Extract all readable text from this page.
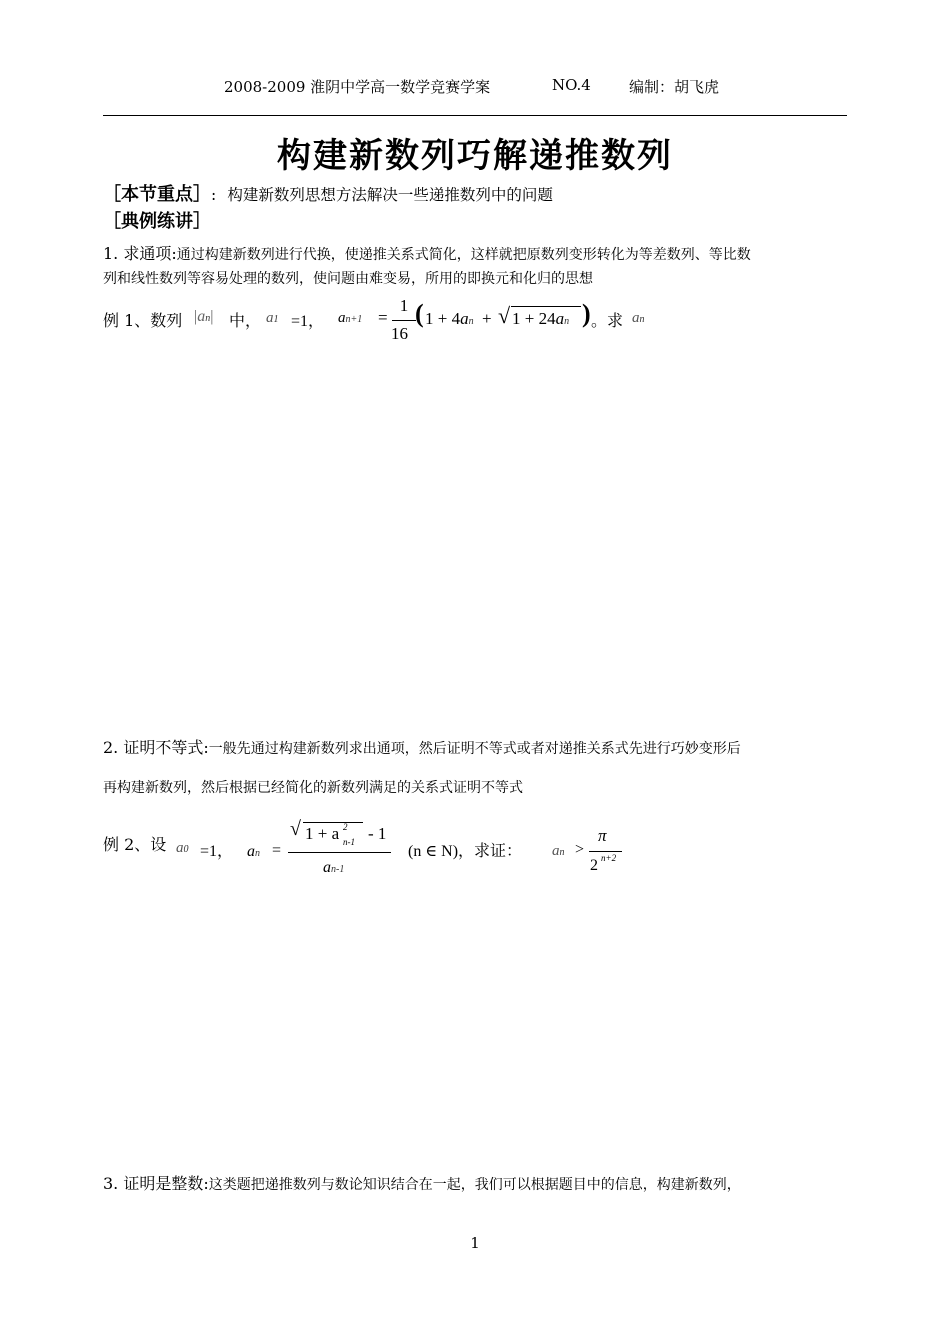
2008-2009 淮阴中学高一数学竞赛学案	NO.4	编制：胡飞虎
构建新数列巧解递推数列
［本节重点］: 构建新数列思想方法解决一些递推数列中的问题
［典例练讲］
1. 求通项:通过构建新数列进行代换，使递推关系式简化，这样就把原数列变形转化为等差数列、等比数
列和线性数列等容易处理的数列，使问题由难变易，所用的即换元和化归的思想
例 1、数列 |an| 中， a1 =1， an+1 =
1
16
( 1 + 4an + √ 1 + 24an ) 。求 an
2. 证明不等式:一般先通过构建新数列求出通项，然后证明不等式或者对递推关系式先进行巧妙变形后
再构建新数列，然后根据已经简化的新数列满足的关系式证明不等式
例 2、设 a0 =1， an =
√ 1 + a 2
n-1 - 1
an-1
(n ∈ N)，求证： an >
π
2 n+2
3. 证明是整数:这类题把递推数列与数论知识结合在一起，我们可以根据题目中的信息，构建新数列，
1
